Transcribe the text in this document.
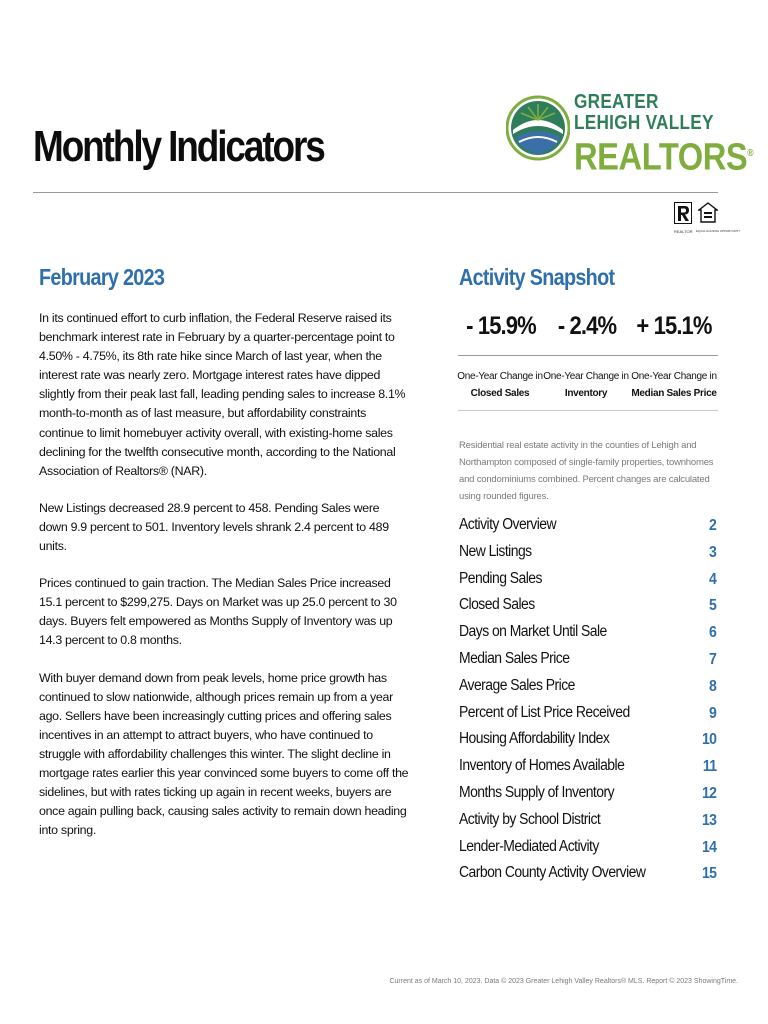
Monthly Indicators
GREATER
LEHIGH VALLEY
REALTORS®
REALTOR EQUAL HOUSING OPPORTUNITY
February 2023

In its continued effort to curb inflation, the Federal Reserve raised its benchmark interest rate in February by a quarter-percentage point to 4.50% - 4.75%, its 8th rate hike since March of last year, when the interest rate was nearly zero. Mortgage interest rates have dipped slightly from their peak last fall, leading pending sales to increase 8.1% month-to-month as of last measure, but affordability constraints continue to limit homebuyer activity overall, with existing-home sales declining for the twelfth consecutive month, according to the National Association of Realtors® (NAR).

New Listings decreased 28.9 percent to 458. Pending Sales were down 9.9 percent to 501. Inventory levels shrank 2.4 percent to 489 units.

Prices continued to gain traction. The Median Sales Price increased 15.1 percent to $299,275. Days on Market was up 25.0 percent to 30 days. Buyers felt empowered as Months Supply of Inventory was up 14.3 percent to 0.8 months.

With buyer demand down from peak levels, home price growth has continued to slow nationwide, although prices remain up from a year ago. Sellers have been increasingly cutting prices and offering sales incentives in an attempt to attract buyers, who have continued to struggle with affordability challenges this winter. The slight decline in mortgage rates earlier this year convinced some buyers to come off the sidelines, but with rates ticking up again in recent weeks, buyers are once again pulling back, causing sales activity to remain down heading into spring.

Activity Snapshot
- 15.9% - 2.4% + 15.1%
One-Year Change in
Closed Sales
One-Year Change in
Inventory
One-Year Change in
Median Sales Price
Residential real estate activity in the counties of Lehigh and Northampton composed of single-family properties, townhomes and condominiums combined. Percent changes are calculated using rounded figures.
Activity Overview	2
New Listings	3
Pending Sales	4
Closed Sales	5
Days on Market Until Sale	6
Median Sales Price	7
Average Sales Price	8
Percent of List Price Received	9
Housing Affordability Index	10
Inventory of Homes Available	11
Months Supply of Inventory	12
Activity by School District	13
Lender-Mediated Activity	14
Carbon County Activity Overview	15
Current as of March 10, 2023. Data © 2023 Greater Lehigh Valley Realtors® MLS. Report © 2023 ShowingTime.
